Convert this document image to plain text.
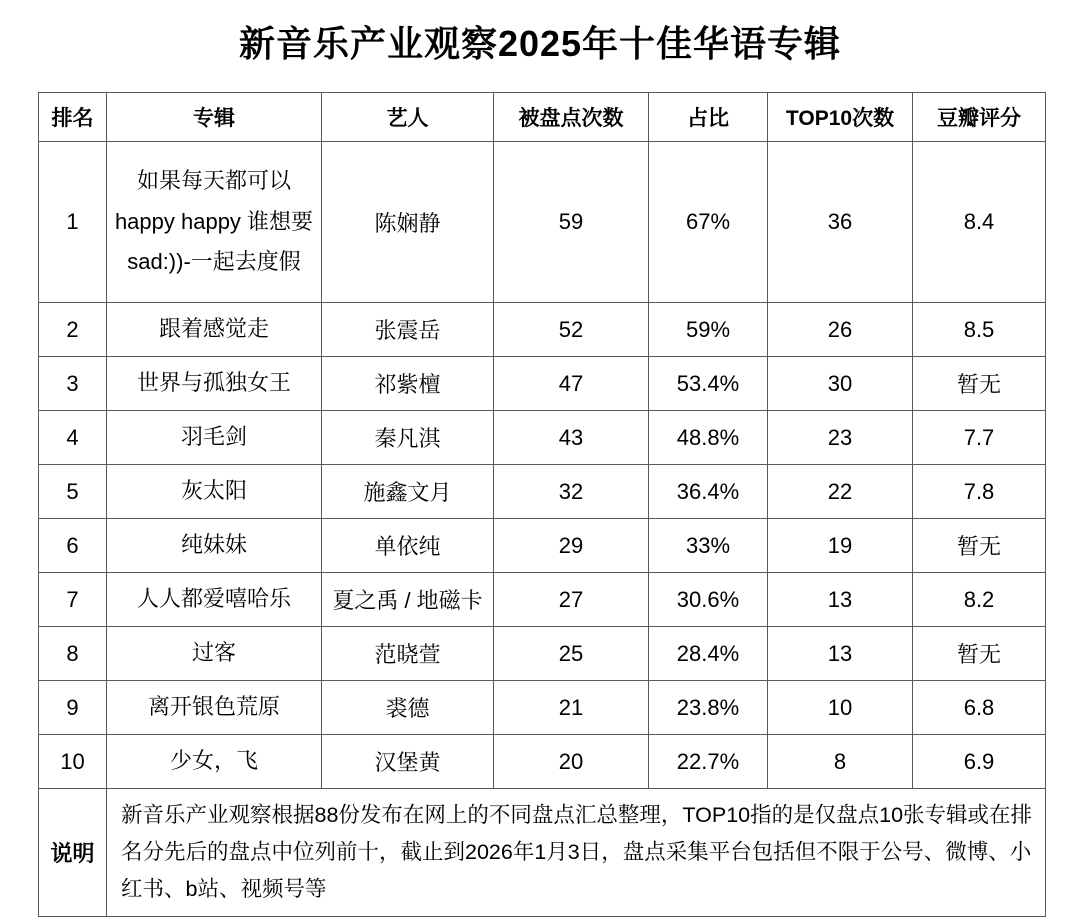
新音乐产业观察2025年十佳华语专辑
排名	专辑	艺人	被盘点次数	占比	TOP10次数	豆瓣评分
1	如果每天都可以 happy happy 谁想要sad:))-一起去度假	陈娴静	59	67%	36	8.4
2	跟着感觉走	张震岳	52	59%	26	8.5
3	世界与孤独女王	祁紫檀	47	53.4%	30	暂无
4	羽毛剑	秦凡淇	43	48.8%	23	7.7
5	灰太阳	施鑫文月	32	36.4%	22	7.8
6	纯妹妹	单依纯	29	33%	19	暂无
7	人人都爱嘻哈乐	夏之禹 / 地磁卡	27	30.6%	13	8.2
8	过客	范晓萱	25	28.4%	13	暂无
9	离开银色荒原	裘德	21	23.8%	10	6.8
10	少女，飞	汉堡黄	20	22.7%	8	6.9
说明	新音乐产业观察根据88份发布在网上的不同盘点汇总整理，TOP10指的是仅盘点10张专辑或在排名分先后的盘点中位列前十，截止到2026年1月3日，盘点采集平台包括但不限于公号、微博、小红书、b站、视频号等					
